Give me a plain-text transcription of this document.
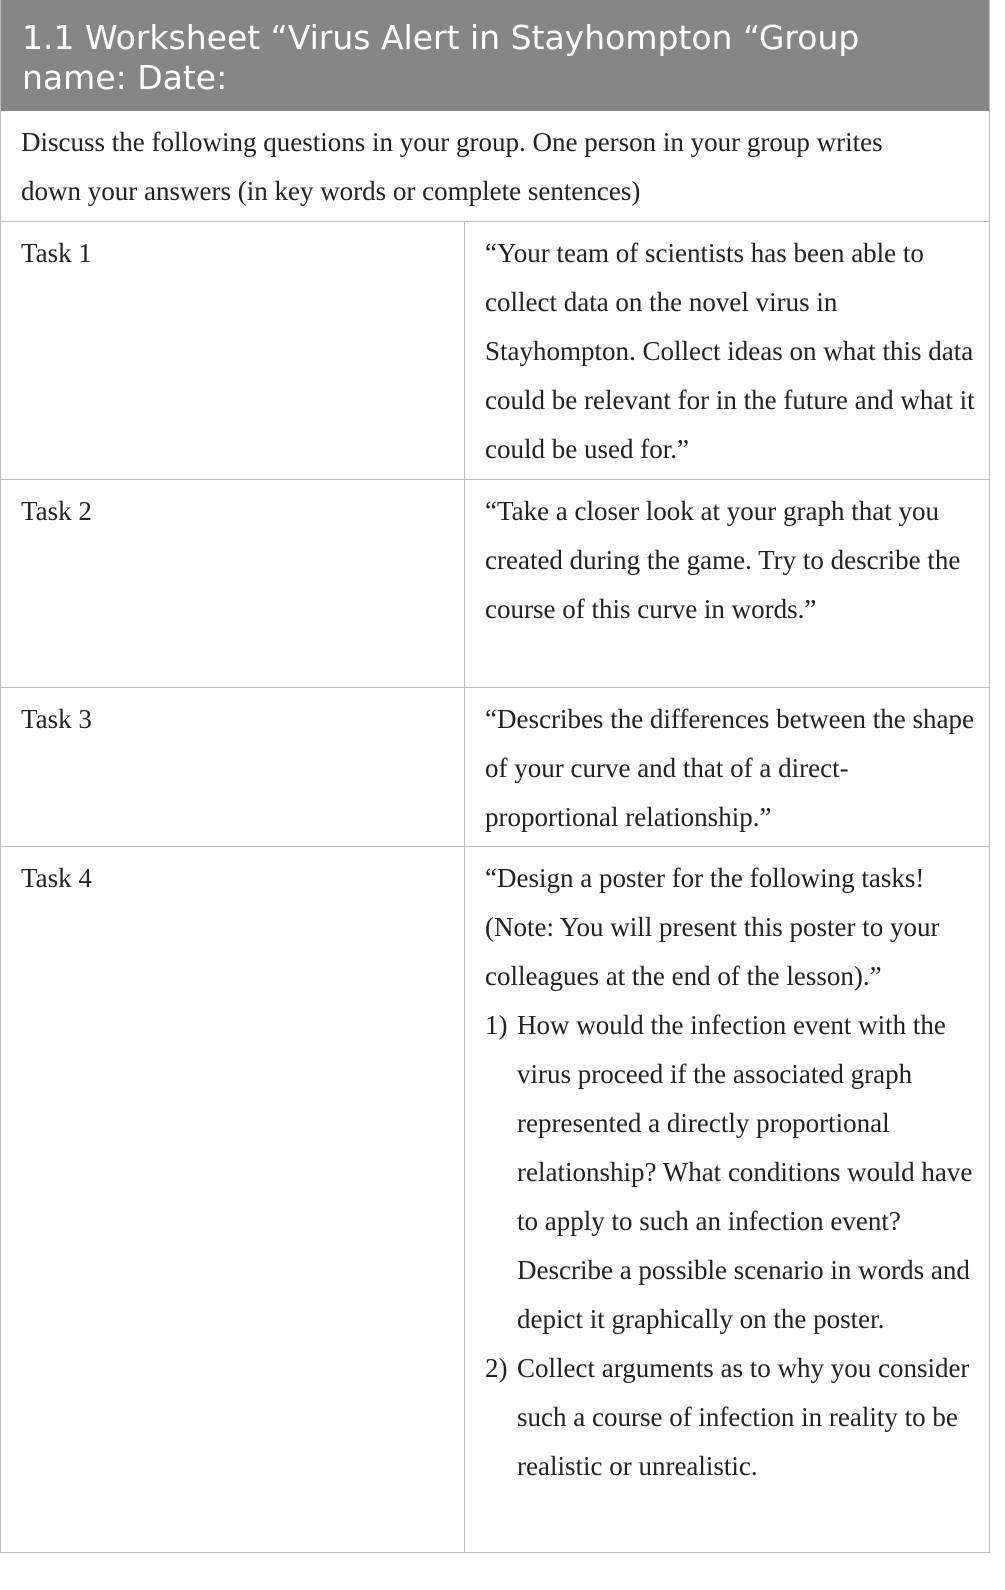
1.1 Worksheet “Virus Alert in Stayhompton “Group name: Date:
Discuss the following questions in your group. One person in your group writes down your answers (in key words or complete sentences)
Task 1	“Your team of scientists has been able to collect data on the novel virus in Stayhompton. Collect ideas on what this data could be relevant for in the future and what it could be used for.”
Task 2	“Take a closer look at your graph that you created during the game. Try to describe the course of this curve in words.”
Task 3	“Describes the differences between the shape of your curve and that of a direct-proportional relationship.”
Task 4	“Design a poster for the following tasks! (Note: You will present this poster to your colleagues at the end of the lesson).”
1) How would the infection event with the virus proceed if the associated graph represented a directly proportional relationship? What conditions would have to apply to such an infection event? Describe a possible scenario in words and depict it graphically on the poster.
2) Collect arguments as to why you consider such a course of infection in reality to be realistic or unrealistic.
